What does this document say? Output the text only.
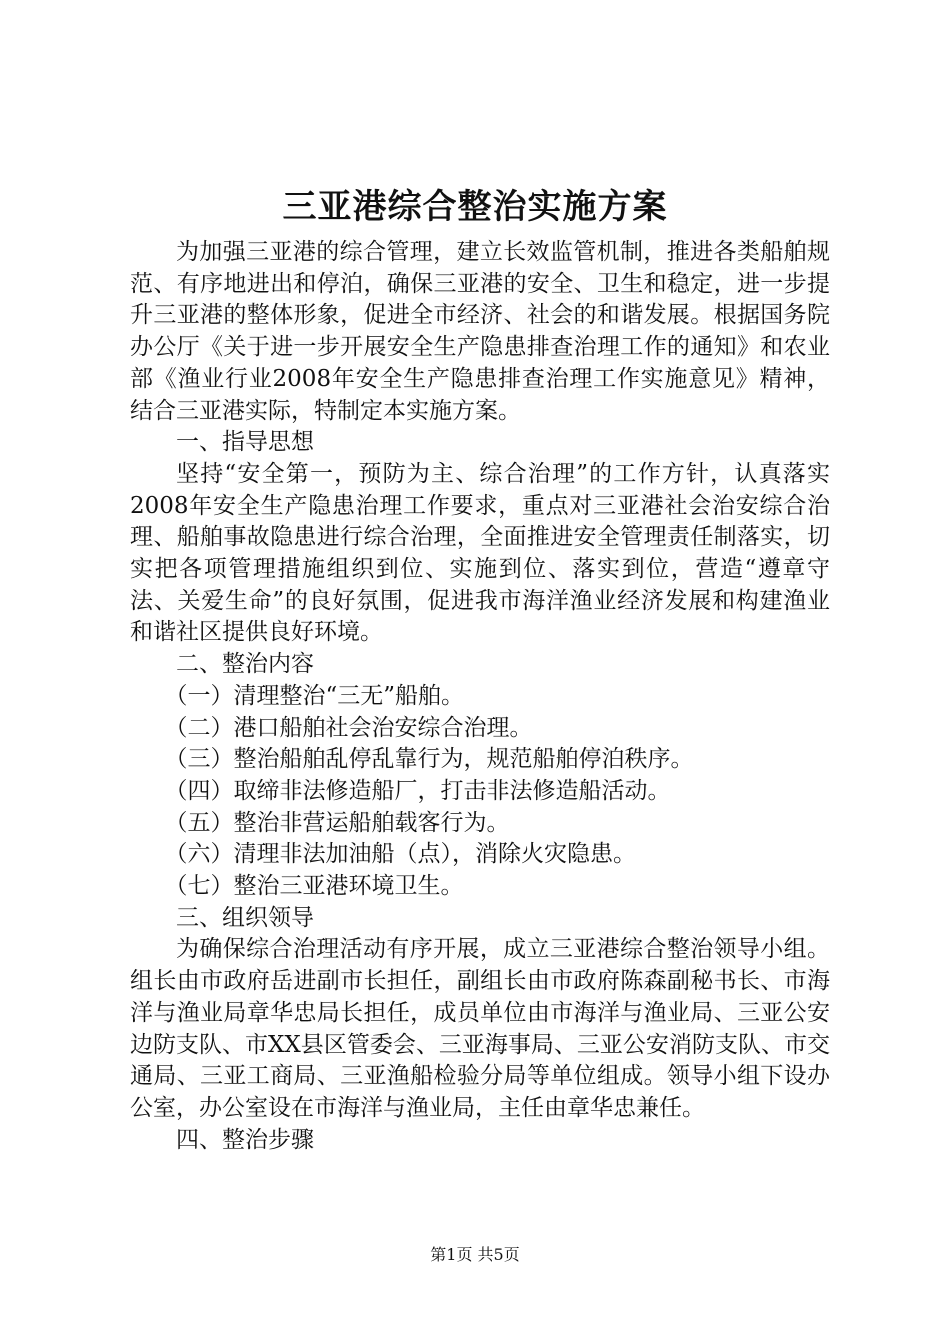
三亚港综合整治实施方案

为加强三亚港的综合管理，建立长效监管机制，推进各类船舶规范、有序地进出和停泊，确保三亚港的安全、卫生和稳定，进一步提升三亚港的整体形象，促进全市经济、社会的和谐发展。根据国务院办公厅《关于进一步开展安全生产隐患排查治理工作的通知》和农业部《渔业行业2008年安全生产隐患排查治理工作实施意见》精神，结合三亚港实际，特制定本实施方案。

一、指导思想

坚持“安全第一，预防为主、综合治理”的工作方针，认真落实2008年安全生产隐患治理工作要求，重点对三亚港社会治安综合治理、船舶事故隐患进行综合治理，全面推进安全管理责任制落实，切实把各项管理措施组织到位、实施到位、落实到位，营造“遵章守法、关爱生命”的良好氛围，促进我市海洋渔业经济发展和构建渔业和谐社区提供良好环境。

二、整治内容

（一）清理整治“三无”船舶。

（二）港口船舶社会治安综合治理。

（三）整治船舶乱停乱靠行为，规范船舶停泊秩序。

（四）取缔非法修造船厂，打击非法修造船活动。

（五）整治非营运船舶载客行为。

（六）清理非法加油船（点），消除火灾隐患。

（七）整治三亚港环境卫生。

三、组织领导

为确保综合治理活动有序开展，成立三亚港综合整治领导小组。组长由市政府岳进副市长担任，副组长由市政府陈森副秘书长、市海洋与渔业局章华忠局长担任，成员单位由市海洋与渔业局、三亚公安边防支队、市XX县区管委会、三亚海事局、三亚公安消防支队、市交通局、三亚工商局、三亚渔船检验分局等单位组成。领导小组下设办公室，办公室设在市海洋与渔业局，主任由章华忠兼任。

四、整治步骤

第1页 共5页
